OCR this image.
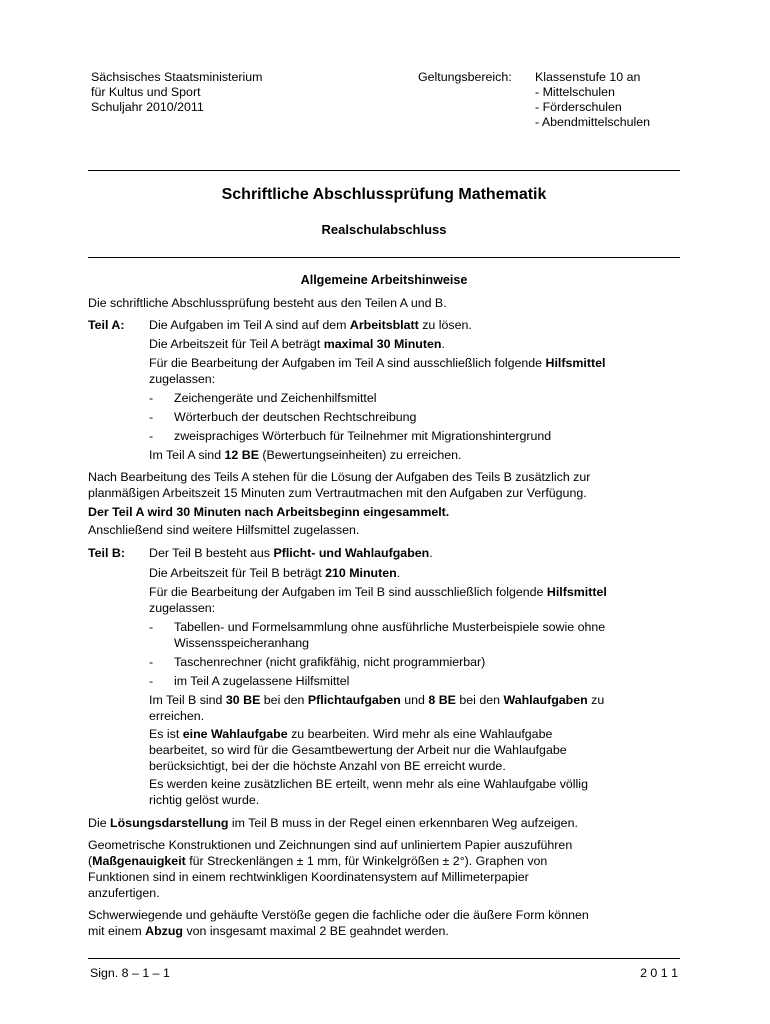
Sächsisches Staatsministerium
für Kultus und Sport
Schuljahr 2010/2011
Geltungsbereich: Klassenstufe 10 an
- Mittelschulen
- Förderschulen
- Abendmittelschulen
Schriftliche Abschlussprüfung Mathematik
Realschulabschluss
Allgemeine Arbeitshinweise
Die schriftliche Abschlussprüfung besteht aus den Teilen A und B.
Teil A: Die Aufgaben im Teil A sind auf dem Arbeitsblatt zu lösen.
Die Arbeitszeit für Teil A beträgt maximal 30 Minuten.
Für die Bearbeitung der Aufgaben im Teil A sind ausschließlich folgende Hilfsmittel
zugelassen:
- Zeichengeräte und Zeichenhilfsmittel
- Wörterbuch der deutschen Rechtschreibung
- zweisprachiges Wörterbuch für Teilnehmer mit Migrationshintergrund
Im Teil A sind 12 BE (Bewertungseinheiten) zu erreichen.
Nach Bearbeitung des Teils A stehen für die Lösung der Aufgaben des Teils B zusätzlich zur
planmäßigen Arbeitszeit 15 Minuten zum Vertrautmachen mit den Aufgaben zur Verfügung.
Der Teil A wird 30 Minuten nach Arbeitsbeginn eingesammelt.
Anschließend sind weitere Hilfsmittel zugelassen.
Teil B: Der Teil B besteht aus Pflicht- und Wahlaufgaben.
Die Arbeitszeit für Teil B beträgt 210 Minuten.
Für die Bearbeitung der Aufgaben im Teil B sind ausschließlich folgende Hilfsmittel
zugelassen:
- Tabellen- und Formelsammlung ohne ausführliche Musterbeispiele sowie ohne
Wissensspeicheranhang
- Taschenrechner (nicht grafikfähig, nicht programmierbar)
- im Teil A zugelassene Hilfsmittel
Im Teil B sind 30 BE bei den Pflichtaufgaben und 8 BE bei den Wahlaufgaben zu
erreichen.
Es ist eine Wahlaufgabe zu bearbeiten. Wird mehr als eine Wahlaufgabe
bearbeitet, so wird für die Gesamtbewertung der Arbeit nur die Wahlaufgabe
berücksichtigt, bei der die höchste Anzahl von BE erreicht wurde.
Es werden keine zusätzlichen BE erteilt, wenn mehr als eine Wahlaufgabe völlig
richtig gelöst wurde.
Die Lösungsdarstellung im Teil B muss in der Regel einen erkennbaren Weg aufzeigen.
Geometrische Konstruktionen und Zeichnungen sind auf unliniertem Papier auszuführen
(Maßgenauigkeit für Streckenlängen ± 1 mm, für Winkelgrößen ± 2°). Graphen von
Funktionen sind in einem rechtwinkligen Koordinatensystem auf Millimeterpapier
anzufertigen.
Schwerwiegende und gehäufte Verstöße gegen die fachliche oder die äußere Form können
mit einem Abzug von insgesamt maximal 2 BE geahndet werden.
Sign. 8 – 1 – 1	2 0 1 1
